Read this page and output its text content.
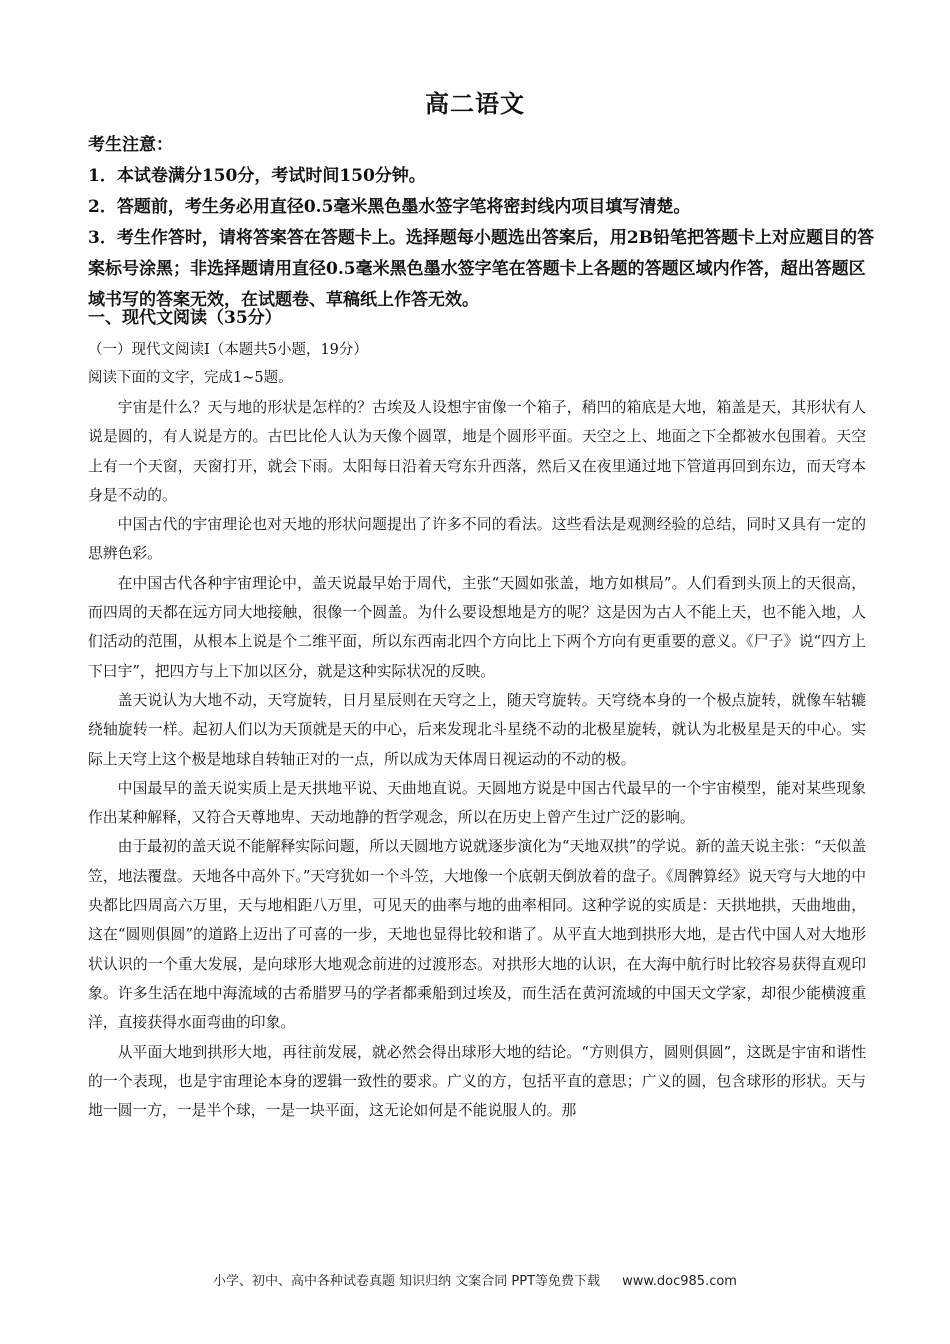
高二语文

考生注意：

1．本试卷满分150分，考试时间150分钟。

2．答题前，考生务必用直径0.5毫米黑色墨水签字笔将密封线内项目填写清楚。

3．考生作答时，请将答案答在答题卡上。选择题每小题选出答案后，用2B铅笔把答题卡上对应题目的答案标号涂黑；非选择题请用直径0.5毫米黑色墨水签字笔在答题卡上各题的答题区域内作答，超出答题区域书写的答案无效，在试题卷、草稿纸上作答无效。

一、现代文阅读（35分）
（一）现代文阅读I（本题共5小题，19分）
阅读下面的文字，完成1~5题。

宇宙是什么？天与地的形状是怎样的？古埃及人设想宇宙像一个箱子，稍凹的箱底是大地，箱盖是天，其形状有人说是圆的，有人说是方的。古巴比伦人认为天像个圆罩，地是个圆形平面。天空之上、地面之下全都被水包围着。天空上有一个天窗，天窗打开，就会下雨。太阳每日沿着天穹东升西落，然后又在夜里通过地下管道再回到东边，而天穹本身是不动的。

中国古代的宇宙理论也对天地的形状问题提出了许多不同的看法。这些看法是观测经验的总结，同时又具有一定的思辨色彩。

在中国古代各种宇宙理论中，盖天说最早始于周代，主张“天圆如张盖，地方如棋局”。人们看到头顶上的天很高，而四周的天都在远方同大地接触，很像一个圆盖。为什么要设想地是方的呢？这是因为古人不能上天，也不能入地，人们活动的范围，从根本上说是个二维平面，所以东西南北四个方向比上下两个方向有更重要的意义。《尸子》说“四方上下曰宇”，把四方与上下加以区分，就是这种实际状况的反映。

盖天说认为大地不动，天穹旋转，日月星辰则在天穹之上，随天穹旋转。天穹绕本身的一个极点旋转，就像车轱辘绕轴旋转一样。起初人们以为天顶就是天的中心，后来发现北斗星绕不动的北极星旋转，就认为北极星是天的中心。实际上天穹上这个极是地球自转轴正对的一点，所以成为天体周日视运动的不动的极。

中国最早的盖天说实质上是天拱地平说、天曲地直说。天圆地方说是中国古代最早的一个宇宙模型，能对某些现象作出某种解释，又符合天尊地卑、天动地静的哲学观念，所以在历史上曾产生过广泛的影响。

由于最初的盖天说不能解释实际问题，所以天圆地方说就逐步演化为“天地双拱”的学说。新的盖天说主张：“天似盖笠，地法覆盘。天地各中高外下。”天穹犹如一个斗笠，大地像一个底朝天倒放着的盘子。《周髀算经》说天穹与大地的中央都比四周高六万里，天与地相距八万里，可见天的曲率与地的曲率相同。这种学说的实质是：天拱地拱，天曲地曲，这在“圆则俱圆”的道路上迈出了可喜的一步，天地也显得比较和谐了。从平直大地到拱形大地，是古代中国人对大地形状认识的一个重大发展，是向球形大地观念前进的过渡形态。对拱形大地的认识，在大海中航行时比较容易获得直观印象。许多生活在地中海流域的古希腊罗马的学者都乘船到过埃及，而生活在黄河流域的中国天文学家，却很少能横渡重洋，直接获得水面弯曲的印象。

从平面大地到拱形大地，再往前发展，就必然会得出球形大地的结论。“方则俱方，圆则俱圆”，这既是宇宙和谐性的一个表现，也是宇宙理论本身的逻辑一致性的要求。广义的方，包括平直的意思；广义的圆，包含球形的形状。天与地一圆一方，一是半个球，一是一块平面，这无论如何是不能说服人的。那

小学、初中、高中各种试卷真题 知识归纳 文案合同 PPT等免费下载 www.doc985.com
